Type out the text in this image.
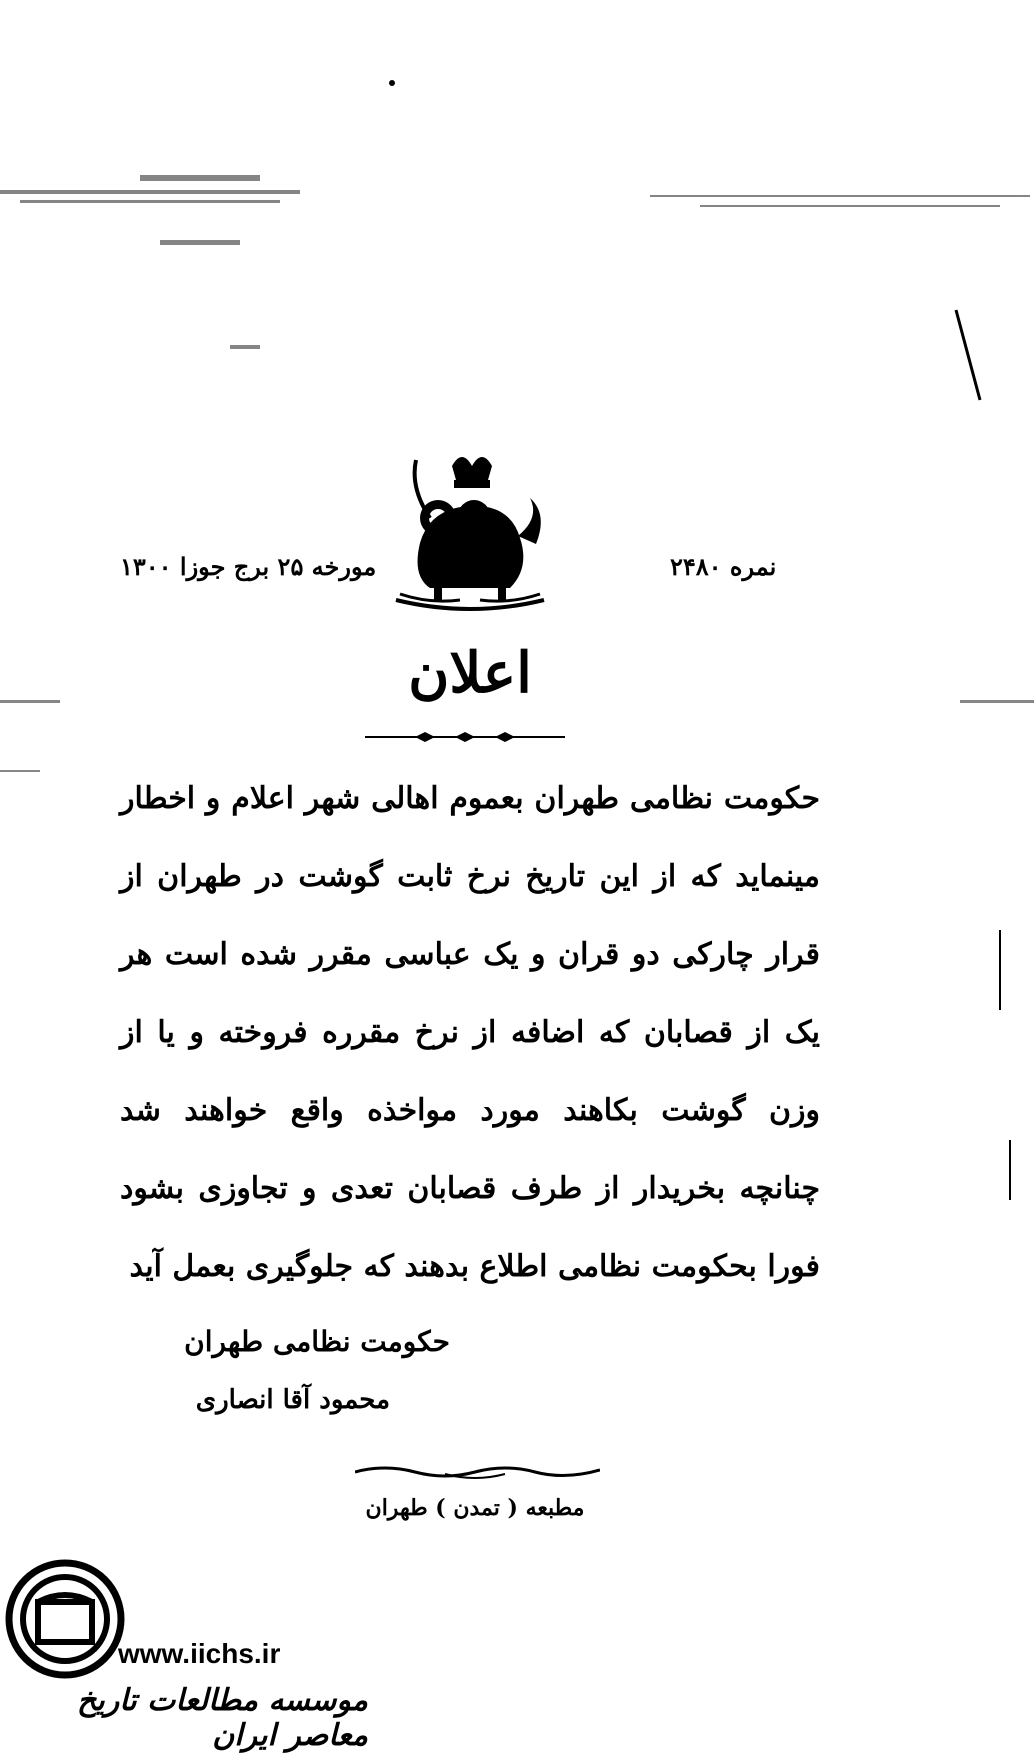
نمره ۲۴۸۰
مورخه ۲۵ برج جوزا ۱۳۰۰
اعلان

حکومت نظامی طهران بعموم اهالی شهر اعلام و اخطار مینماید که از این تاریخ نرخ ثابت گوشت در طهران از قرار چارکی دو قران و یک عباسی مقرر شده است هر یک از قصابان که اضافه از نرخ مقرره فروخته و یا از وزن گوشت بکاهند مورد مواخذه واقع خواهند شد چنانچه بخریدار از طرف قصابان تعدی و تجاوزی بشود فورا بحکومت نظامی اطلاع بدهند که جلوگیری بعمل آید

حکومت نظامی طهران
محمود آقا انصاری
مطبعه ( تمدن ) طهران
www.iichs.ir
موسسه مطالعات تاریخ معاصر ایران
